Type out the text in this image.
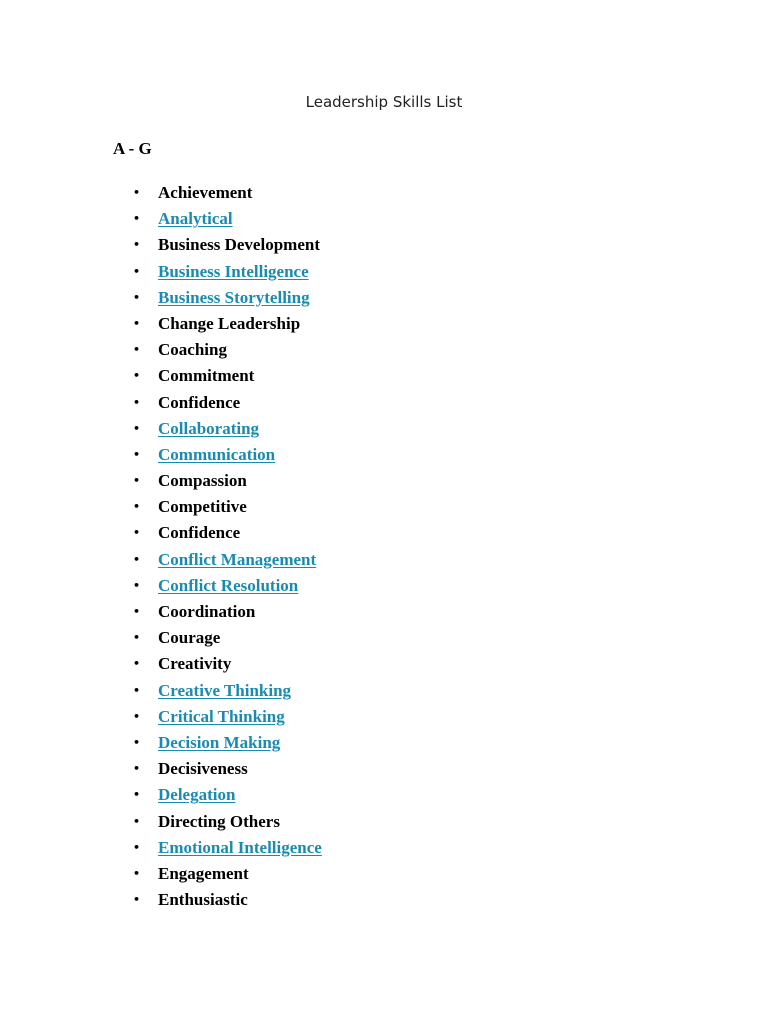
Leadership Skills List
A - G
• Achievement
• Analytical
• Business Development
• Business Intelligence
• Business Storytelling
• Change Leadership
• Coaching
• Commitment
• Confidence
• Collaborating
• Communication
• Compassion
• Competitive
• Confidence
• Conflict Management
• Conflict Resolution
• Coordination
• Courage
• Creativity
• Creative Thinking
• Critical Thinking
• Decision Making
• Decisiveness
• Delegation
• Directing Others
• Emotional Intelligence
• Engagement
• Enthusiastic
